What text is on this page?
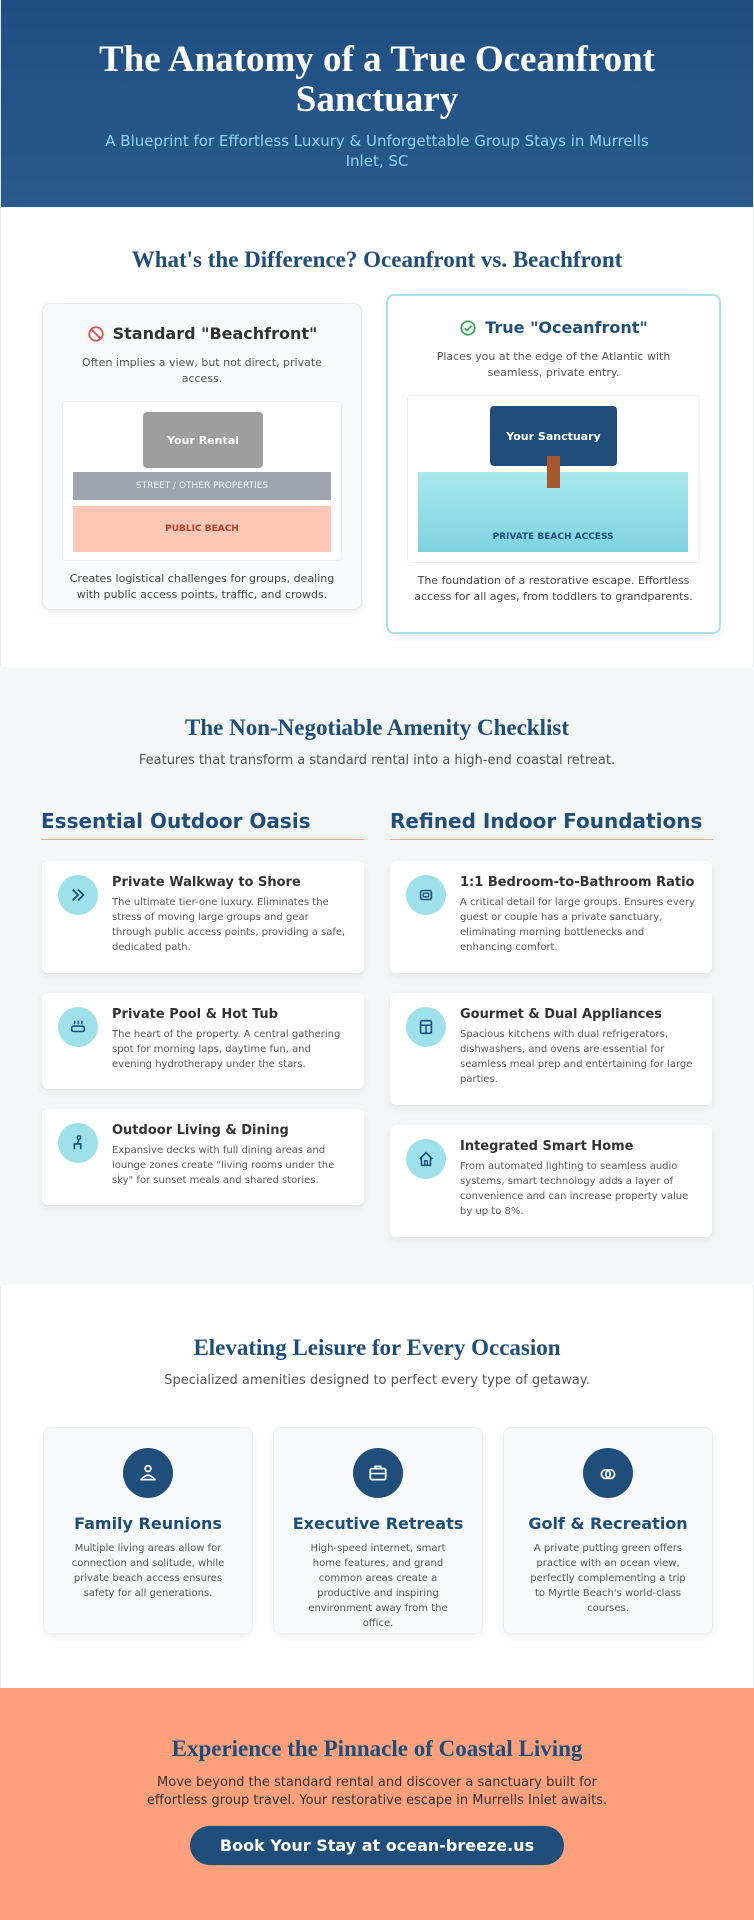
The Anatomy of a True Oceanfront Sanctuary

A Blueprint for Effortless Luxury & Unforgettable Group Stays in Murrells Inlet, SC

What's the Difference? Oceanfront vs. Beachfront
Standard "Beachfront"

Often implies a view, but not direct, private access.

Your Rental
STREET / OTHER PROPERTIES
PUBLIC BEACH

Creates logistical challenges for groups, dealing with public access points, traffic, and crowds.

True "Oceanfront"

Places you at the edge of the Atlantic with seamless, private entry.

Your Sanctuary
PRIVATE BEACH ACCESS

The foundation of a restorative escape. Effortless access for all ages, from toddlers to grandparents.

The Non-Negotiable Amenity Checklist

Features that transform a standard rental into a high-end coastal retreat.

Essential Outdoor Oasis	Refined Indoor Foundations
Private Walkway to Shore
The ultimate tier-one luxury. Eliminates the stress of moving large groups and gear through public access points, providing a safe, dedicated path.
Private Pool & Hot Tub
The heart of the property. A central gathering spot for morning laps, daytime fun, and evening hydrotherapy under the stars.
Outdoor Living & Dining
Expansive decks with full dining areas and lounge zones create "living rooms under the sky" for sunset meals and shared stories.
1:1 Bedroom-to-Bathroom Ratio
A critical detail for large groups. Ensures every guest or couple has a private sanctuary, eliminating morning bottlenecks and enhancing comfort.
Gourmet & Dual Appliances
Spacious kitchens with dual refrigerators, dishwashers, and ovens are essential for seamless meal prep and entertaining for large parties.
Integrated Smart Home
From automated lighting to seamless audio systems, smart technology adds a layer of convenience and can increase property value by up to 8%.
Elevating Leisure for Every Occasion

Specialized amenities designed to perfect every type of getaway.

Family Reunions
Multiple living areas allow for connection and solitude, while private beach access ensures safety for all generations.
Executive Retreats
High-speed internet, smart home features, and grand common areas create a productive and inspiring environment away from the office.
Golf & Recreation
A private putting green offers practice with an ocean view, perfectly complementing a trip to Myrtle Beach's world-class courses.
Experience the Pinnacle of Coastal Living

Move beyond the standard rental and discover a sanctuary built for effortless group travel. Your restorative escape in Murrells Inlet awaits.

Book Your Stay at ocean-breeze.us
